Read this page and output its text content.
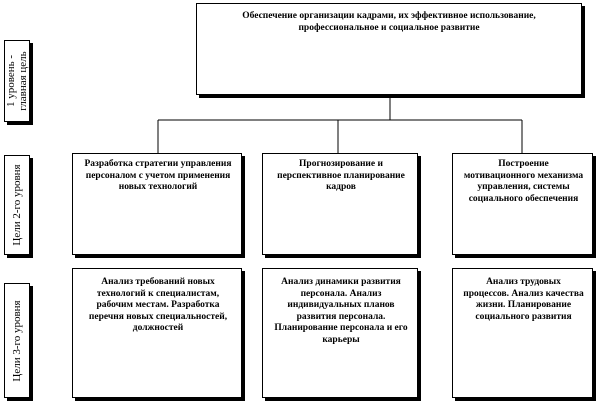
1 уровень -
главная цель
Цели 2-го уровня
Цели 3-го уровня
Обеспечение организации кадрами, их эффективное использование, профессиональное и социальное развитие
Разработка стратегии управления персоналом с учетом применения новых технологий
Прогнозирование и перспективное планирование кадров
Построение мотивационного механизма управления, системы социального обеспечения
Анализ требований новых технологий к специалистам, рабочим местам. Разработка перечня новых специальностей, должностей
Анализ динамики развития персонала. Анализ индивидуальных планов развития персонала. Планирование персонала и его карьеры
Анализ трудовых процессов. Анализ качества жизни. Планирование социального развития
